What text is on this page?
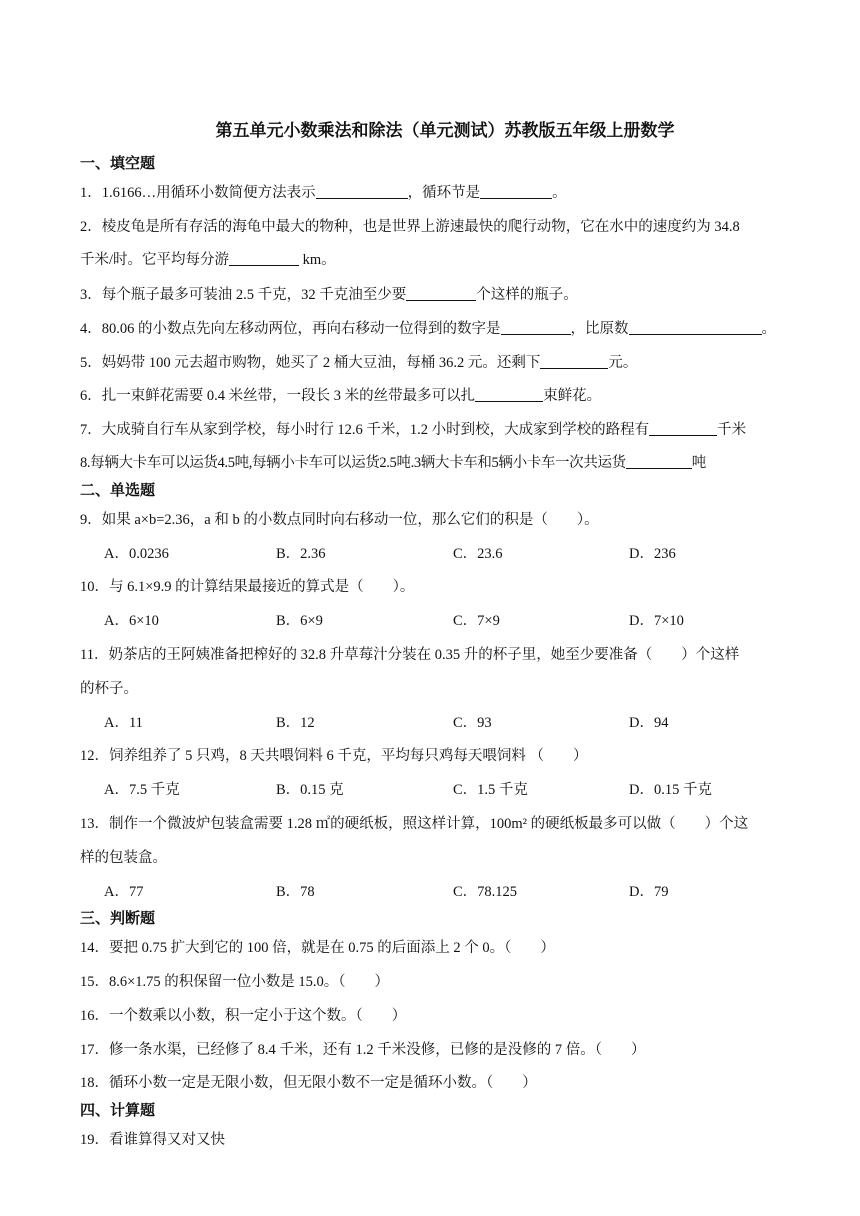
第五单元小数乘法和除法（单元测试）苏教版五年级上册数学
一、填空题
1．1.6166…用循环小数简便方法表示	，循环节是	。
2．棱皮龟是所有存活的海龟中最大的物种，也是世界上游速最快的爬行动物，它在水中的速度约为 34.8
千米/时。它平均每分游	km。
3．每个瓶子最多可装油 2.5 千克，32 千克油至少要	个这样的瓶子。
4．80.06 的小数点先向左移动两位，再向右移动一位得到的数字是	，比原数	。
5．妈妈带 100 元去超市购物，她买了 2 桶大豆油，每桶 36.2 元。还剩下	元。
6．扎一束鲜花需要 0.4 米丝带，一段长 3 米的丝带最多可以扎	束鲜花。
7．大成骑自行车从家到学校，每小时行 12.6 千米，1.2 小时到校，大成家到学校的路程有	千米
8.每辆大卡车可以运货4.5吨,每辆小卡车可以运货2.5吨.3辆大卡车和5辆小卡车一次共运货	吨
二、单选题
9．如果 a×b=2.36，a 和 b 的小数点同时向右移动一位，那么它们的积是（　　）。
A．0.0236	B．2.36	C．23.6	D．236
10．与 6.1×9.9 的计算结果最接近的算式是（　　）。
A．6×10	B．6×9	C．7×9	D．7×10
11．奶茶店的王阿姨准备把榨好的 32.8 升草莓汁分装在 0.35 升的杯子里，她至少要准备（　　）个这样
的杯子。
A．11	B．12	C．93	D．94
12．饲养组养了 5 只鸡，8 天共喂饲料 6 千克，平均每只鸡每天喂饲料 （　　）
A．7.5 千克	B．0.15 克	C．1.5 千克	D．0.15 千克
13．制作一个微波炉包装盒需要 1.28 ㎡的硬纸板，照这样计算，100m² 的硬纸板最多可以做（　　）个这
样的包装盒。
A．77	B．78	C．78.125	D．79
三、判断题
14．要把 0.75 扩大到它的 100 倍，就是在 0.75 的后面添上 2 个 0。（　　）
15．8.6×1.75 的积保留一位小数是 15.0。（　　）
16．一个数乘以小数，积一定小于这个数。（　　）
17．修一条水渠，已经修了 8.4 千米，还有 1.2 千米没修，已修的是没修的 7 倍。（　　）
18．循环小数一定是无限小数，但无限小数不一定是循环小数。（　　）
四、计算题
19．看谁算得又对又快
